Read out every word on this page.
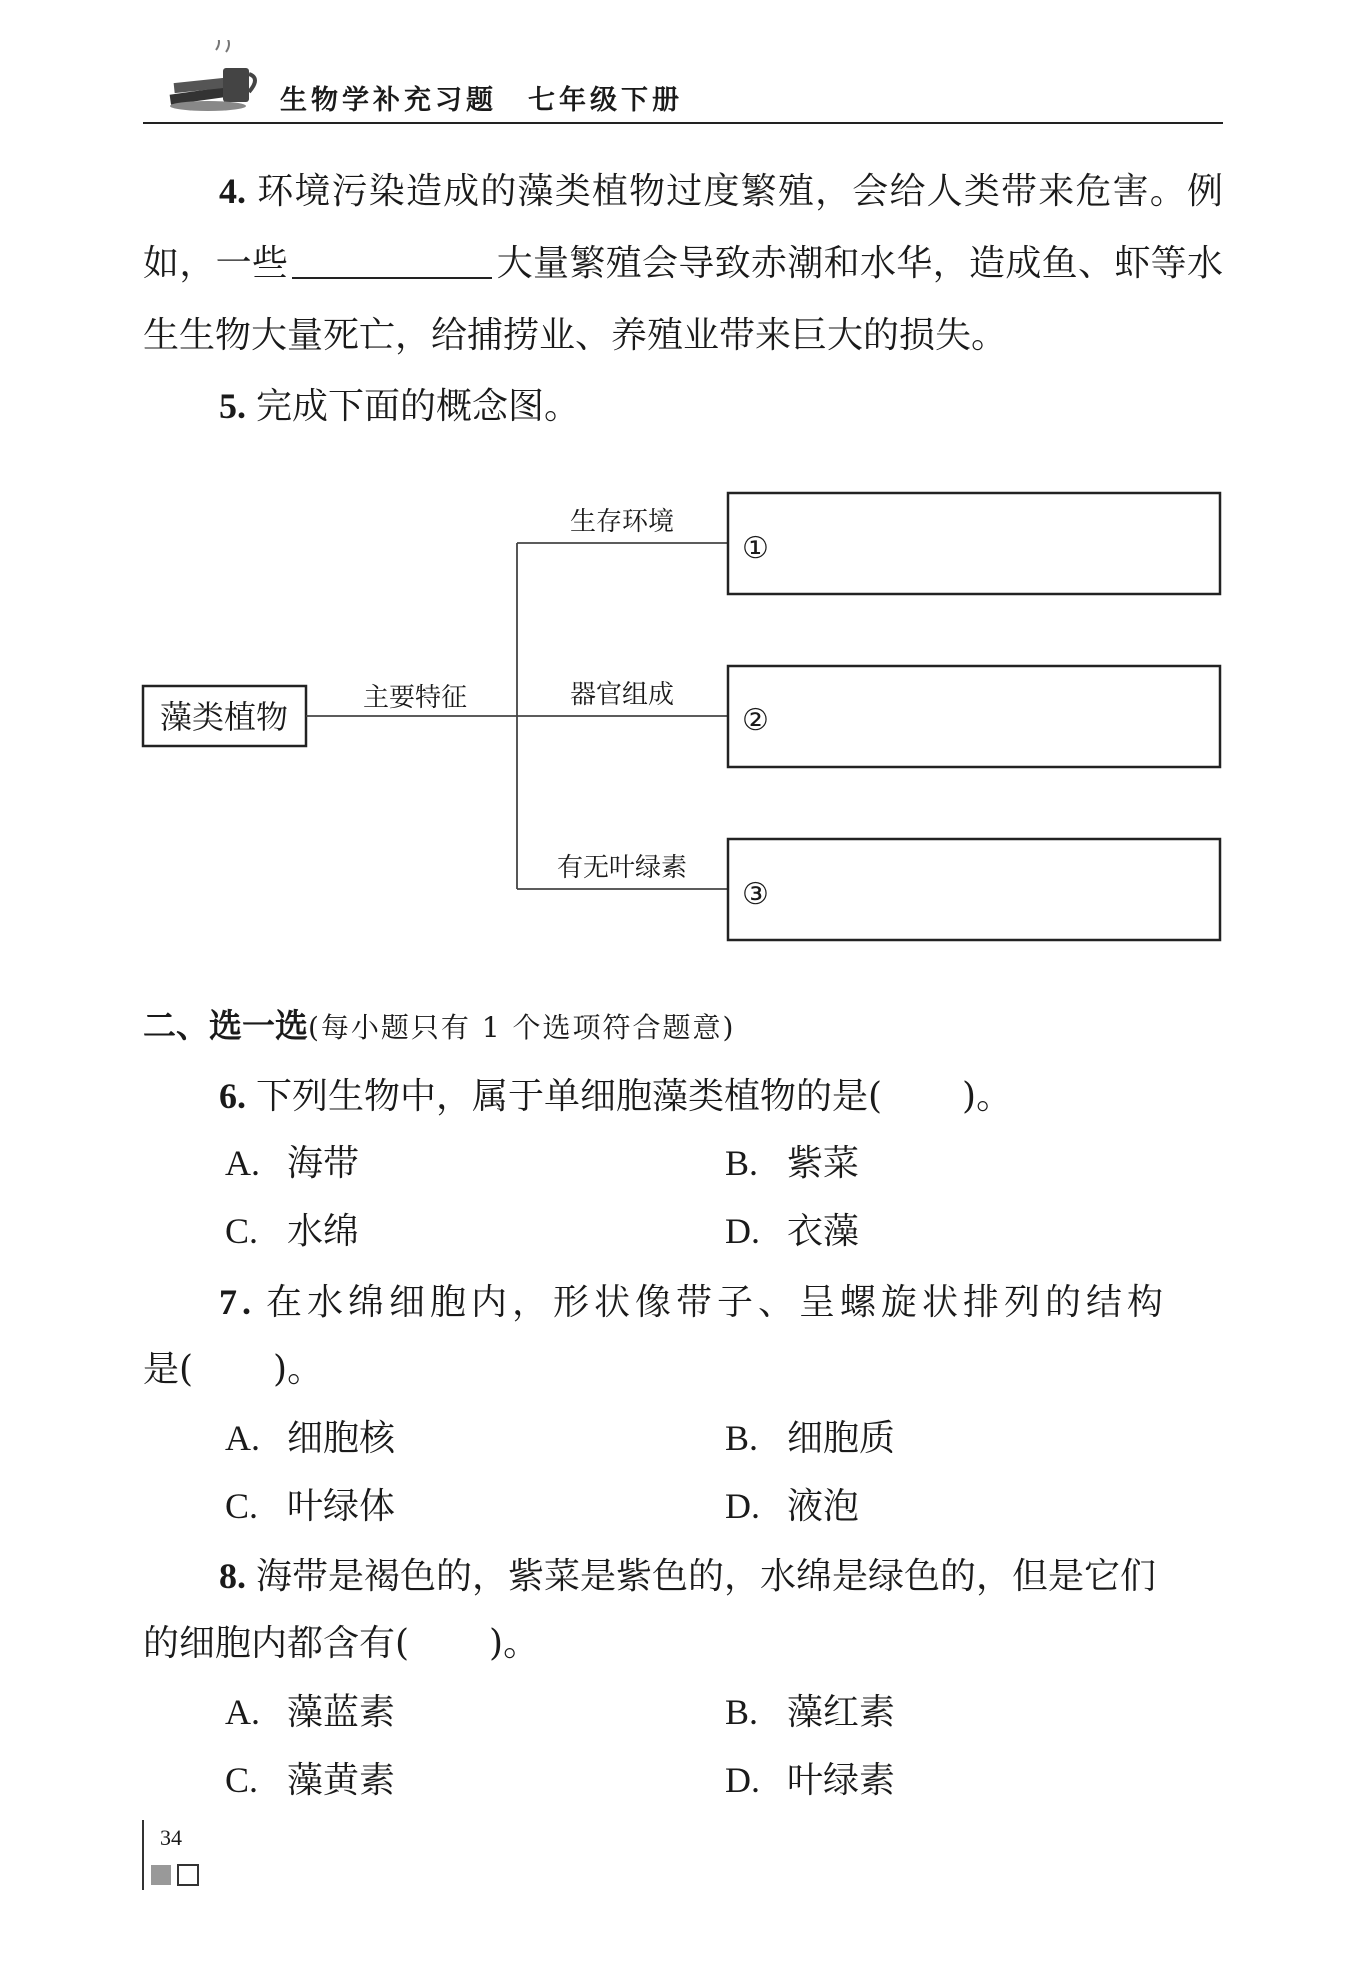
生物学补充习题　七年级下册
4. 环境污染造成的藻类植物过度繁殖，会给人类带来危害。例如，一些	大量繁殖会导致赤潮和水华，造成鱼、虾等水生生物大量死亡，给捕捞业、养殖业带来巨大的损失。
5. 完成下面的概念图。
藻类植物	主要特征
生存环境
①
器官组成
②
有无叶绿素
③
二、选一选(每小题只有 1 个选项符合题意)
6. 下列生物中，属于单细胞藻类植物的是( )。
A. 海带	B. 紫菜
C. 水绵	D. 衣藻
7. 在水绵细胞内，形状像带子、呈螺旋状排列的结构
是( )。
A. 细胞核	B. 细胞质
C. 叶绿体	D. 液泡
8. 海带是褐色的，紫菜是紫色的，水绵是绿色的，但是它们
的细胞内都含有( )。
A. 藻蓝素	B. 藻红素
C. 藻黄素	D. 叶绿素
34
